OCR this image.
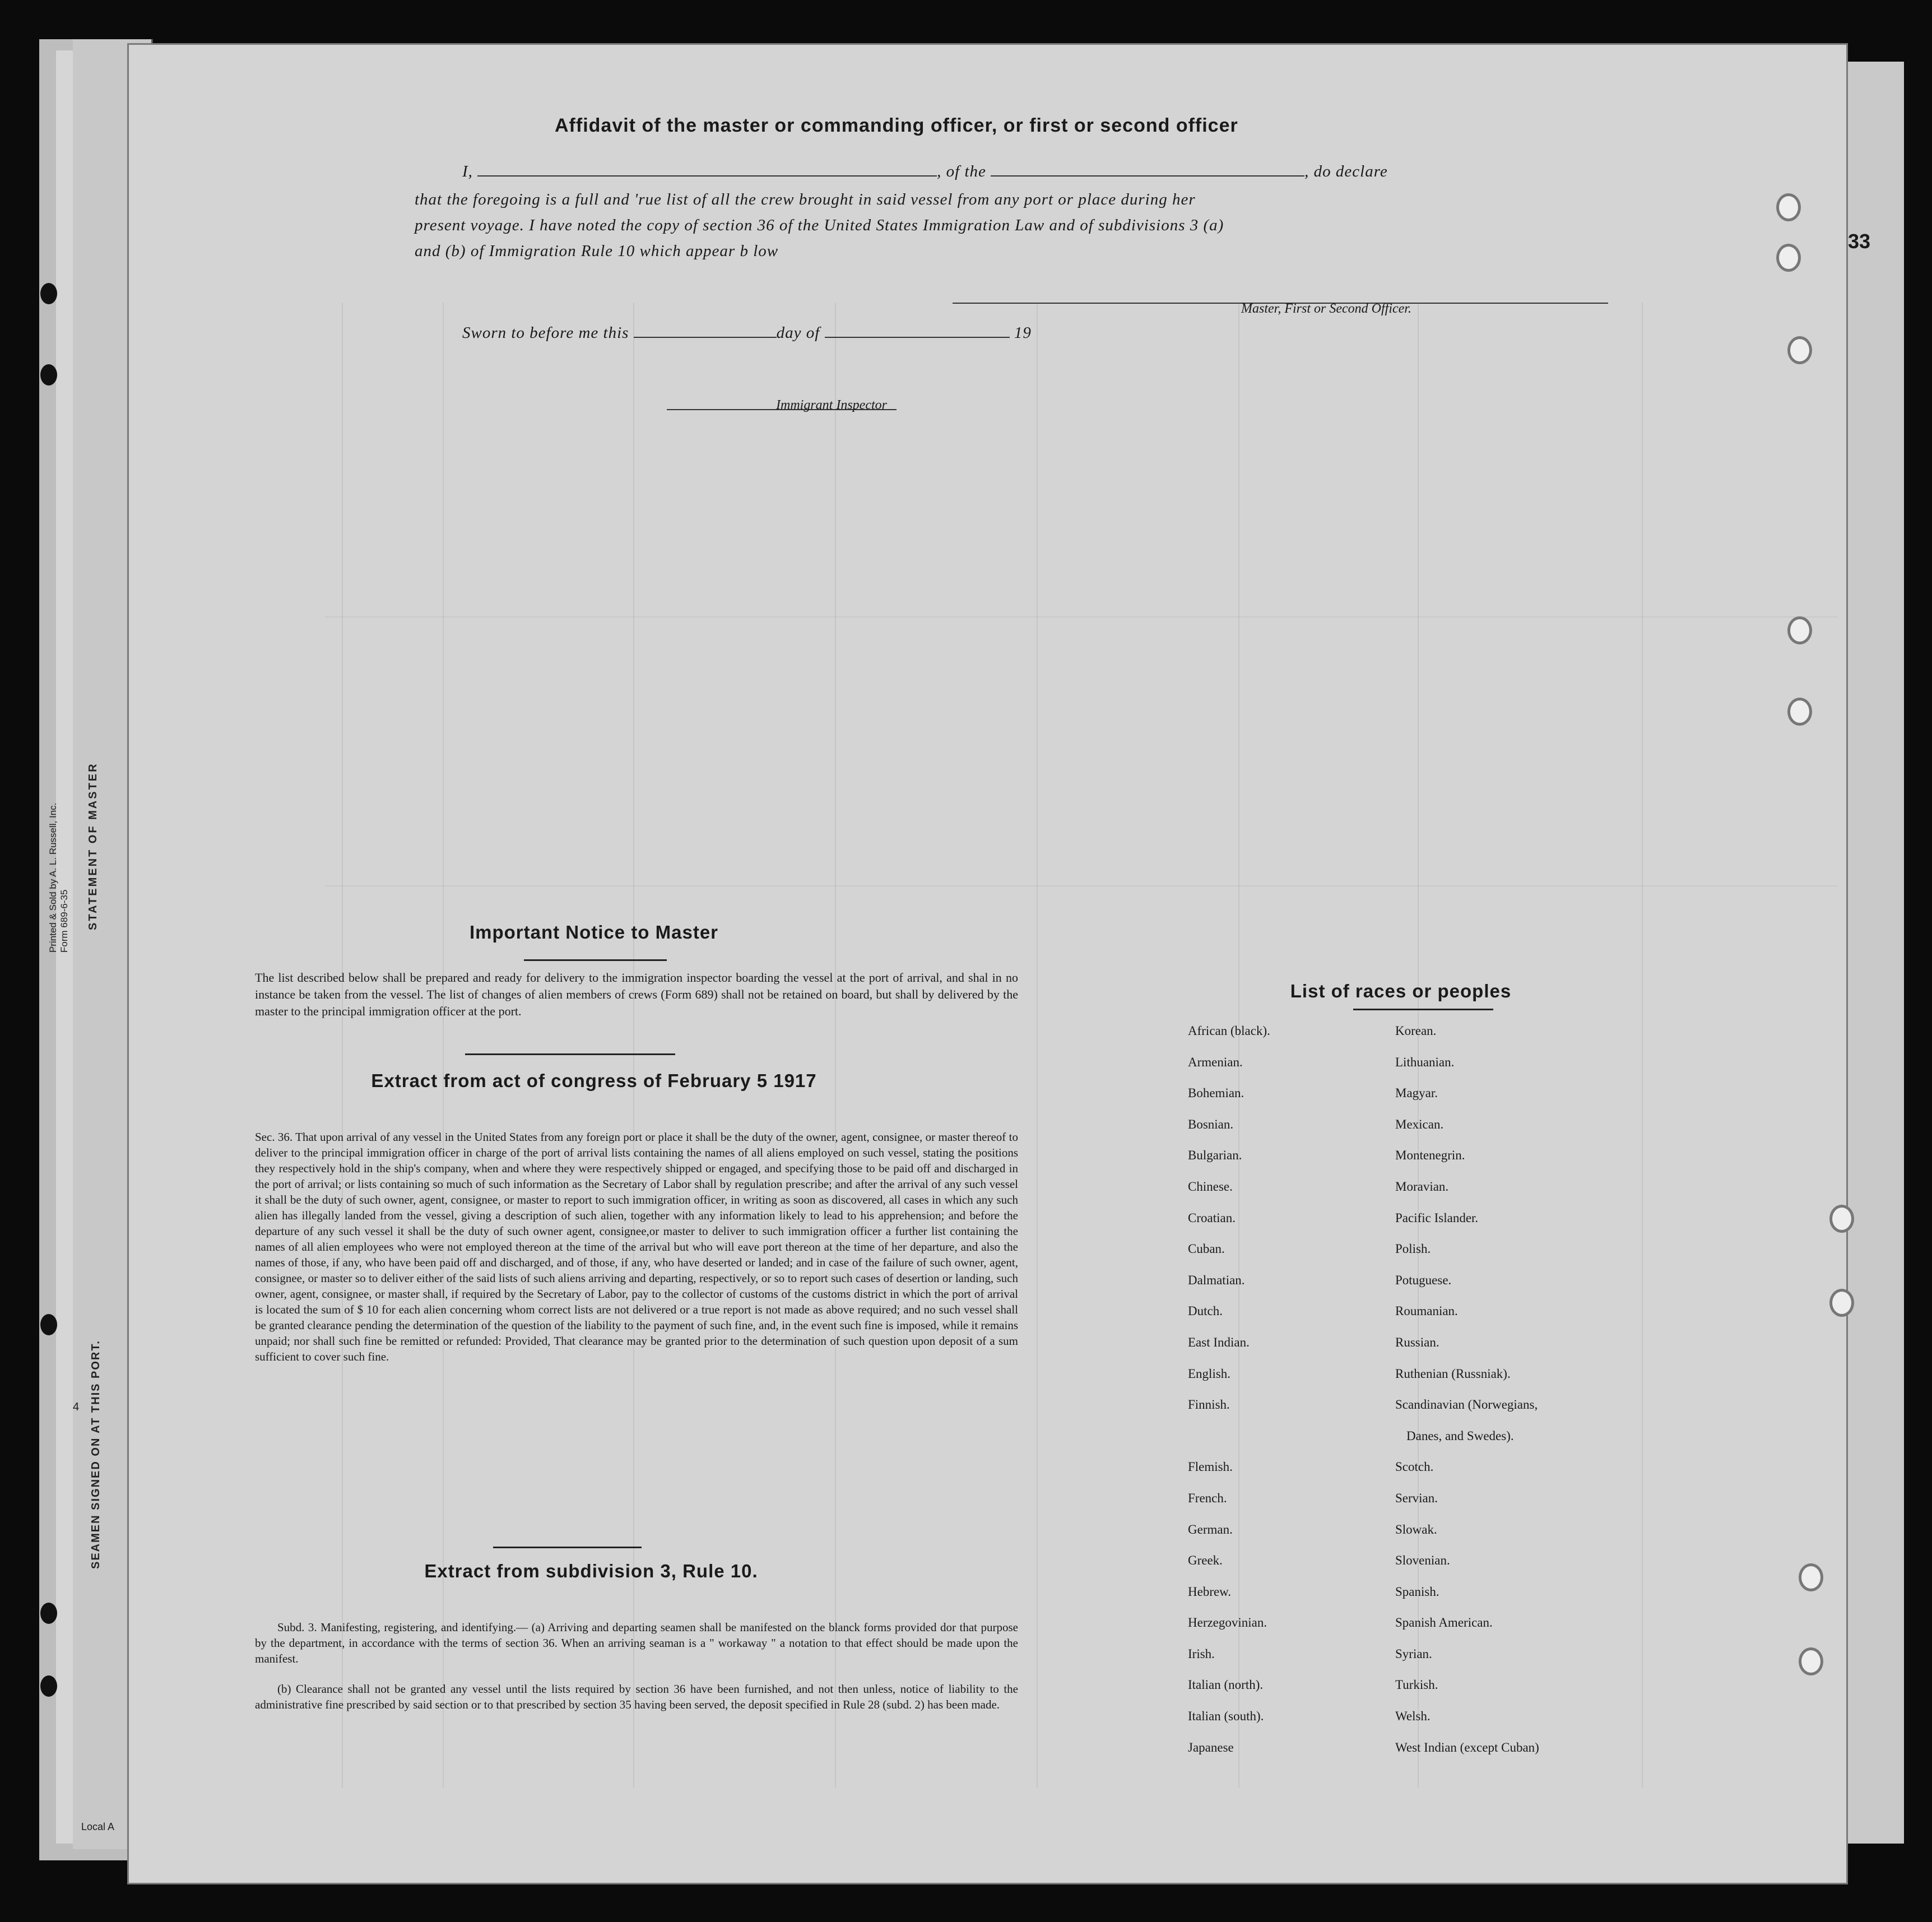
33
Printed & Sold by A. L. Russell, Inc. Form 689-6-35 STATEMENT OF MASTER
SEAMEN SIGNED ON AT THIS PORT.
4
Local A
Affidavit of the master or commanding officer, or first or second officer
I,	, of the	, do declare
that the foregoing is a full and 'rue list of all the crew brought in said vessel from any port or place during her
present voyage. I have noted the copy of section 36 of the United States Immigration Law and of subdivisions 3 (a)
and (b) of Immigration Rule 10 which appear b low
Master, First or Second Officer.
Sworn to before me this	day of	19
Immigrant Inspector
Important Notice to Master
The list described below shall be prepared and ready for delivery to the immigration inspector boarding the vessel at the port of arrival, and shal in no instance be taken from the vessel. The list of changes of alien members of crews (Form 689) shall not be retained on board, but shall by delivered by the master to the principal immigration officer at the port.
Extract from act of congress of February 5 1917
Sec. 36. That upon arrival of any vessel in the United States from any foreign port or place it shall be the duty of the owner, agent, consignee, or master thereof to deliver to the principal immigration officer in charge of the port of arrival lists containing the names of all aliens employed on such vessel, stating the positions they respectively hold in the ship's company, when and where they were respectively shipped or engaged, and specifying those to be paid off and discharged in the port of arrival; or lists containing so much of such information as the Secretary of Labor shall by regulation prescribe; and after the arrival of any such vessel it shall be the duty of such owner, agent, consignee, or master to report to such immigration officer, in writing as soon as discovered, all cases in which any such alien has illegally landed from the vessel, giving a description of such alien, together with any information likely to lead to his apprehension; and before the departure of any such vessel it shall be the duty of such owner agent, consignee,or master to deliver to such immigration officer a further list containing the names of all alien employees who were not employed thereon at the time of the arrival but who will eave port thereon at the time of her departure, and also the names of those, if any, who have been paid off and discharged, and of those, if any, who have deserted or landed; and in case of the failure of such owner, agent, consignee, or master so to deliver either of the said lists of such aliens arriving and departing, respectively, or so to report such cases of desertion or landing, such owner, agent, consignee, or master shall, if required by the Secretary of Labor, pay to the collector of customs of the customs district in which the port of arrival is located the sum of $ 10 for each alien concerning whom correct lists are not delivered or a true report is not made as above required; and no such vessel shall be granted clearance pending the determination of the question of the liability to the payment of such fine, and, in the event such fine is imposed, while it remains unpaid; nor shall such fine be remitted or refunded: Provided, That clearance may be granted prior to the determination of such question upon deposit of a sum sufficient to cover such fine.
Extract from subdivision 3, Rule 10.
Subd. 3. Manifesting, registering, and identifying.— (a) Arriving and departing seamen shall be manifested on the blanck forms provided dor that purpose by the department, in accordance with the terms of section 36. When an arriving seaman is a " workaway " a notation to that effect should be made upon the manifest.
(b) Clearance shall not be granted any vessel until the lists required by section 36 have been furnished, and not then unless, notice of liability to the administrative fine prescribed by said section or to that prescribed by section 35 having been served, the deposit specified in Rule 28 (subd. 2) has been made.
List of races or peoples
African (black).
Armenian.
Bohemian.
Bosnian.
Bulgarian.
Chinese.
Croatian.
Cuban.
Dalmatian.
Dutch.
East Indian.
English.
Finnish.
Flemish.
French.
German.
Greek.
Hebrew.
Herzegovinian.
Irish.
Italian (north).
Italian (south).
Japanese
Korean.
Lithuanian.
Magyar.
Mexican.
Montenegrin.
Moravian.
Pacific Islander.
Polish.
Potuguese.
Roumanian.
Russian.
Ruthenian (Russniak).
Scandinavian (Norwegians,
Danes, and Swedes).
Scotch.
Servian.
Slowak.
Slovenian.
Spanish.
Spanish American.
Syrian.
Turkish.
Welsh.
West Indian (except Cuban)
